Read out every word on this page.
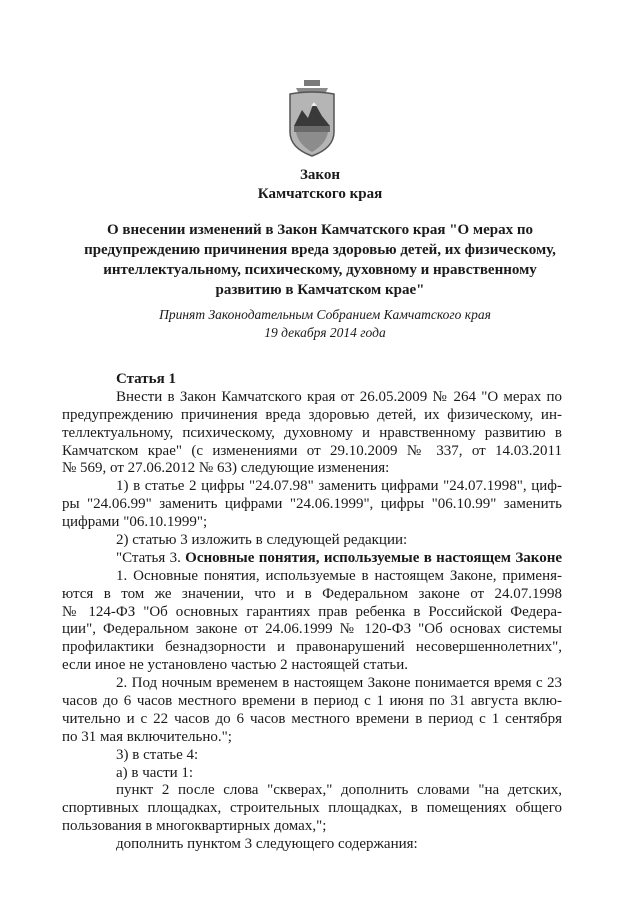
Закон
Камчатского края
О внесении изменений в Закон Камчатского края "О мерах по
предупреждению причинения вреда здоровью детей, их физическому,
интеллектуальному, психическому, духовному и нравственному
развитию в Камчатском крае"
Принят Законодательным Собранием Камчатского края
19 декабря 2014 года
Статья 1
Внести в Закон Камчатского края от 26.05.2009 № 264 "О мерах по
предупреждению причинения вреда здоровью детей, их физическому, ин-
теллектуальному, психическому, духовному и нравственному развитию в
Камчатском крае" (с изменениями от 29.10.2009 № 337, от 14.03.2011
№ 569, от 27.06.2012 № 63) следующие изменения:
1) в статье 2 цифры "24.07.98" заменить цифрами "24.07.1998", циф-
ры "24.06.99" заменить цифрами "24.06.1999", цифры "06.10.99" заменить
цифрами "06.10.1999";
2) статью 3 изложить в следующей редакции:
"Статья 3. Основные понятия, используемые в настоящем Законе
1. Основные понятия, используемые в настоящем Законе, применя-
ются в том же значении, что и в Федеральном законе от 24.07.1998
№ 124-ФЗ "Об основных гарантиях прав ребенка в Российской Федера-
ции", Федеральном законе от 24.06.1999 № 120-ФЗ "Об основах системы
профилактики безнадзорности и правонарушений несовершеннолетних",
если иное не установлено частью 2 настоящей статьи.
2. Под ночным временем в настоящем Законе понимается время с 23
часов до 6 часов местного времени в период с 1 июня по 31 августа вклю-
чительно и с 22 часов до 6 часов местного времени в период с 1 сентября
по 31 мая включительно.";
3) в статье 4:
а) в части 1:
пункт 2 после слова "скверах," дополнить словами "на детских,
спортивных площадках, строительных площадках, в помещениях общего
пользования в многоквартирных домах,";
дополнить пунктом 3 следующего содержания:
